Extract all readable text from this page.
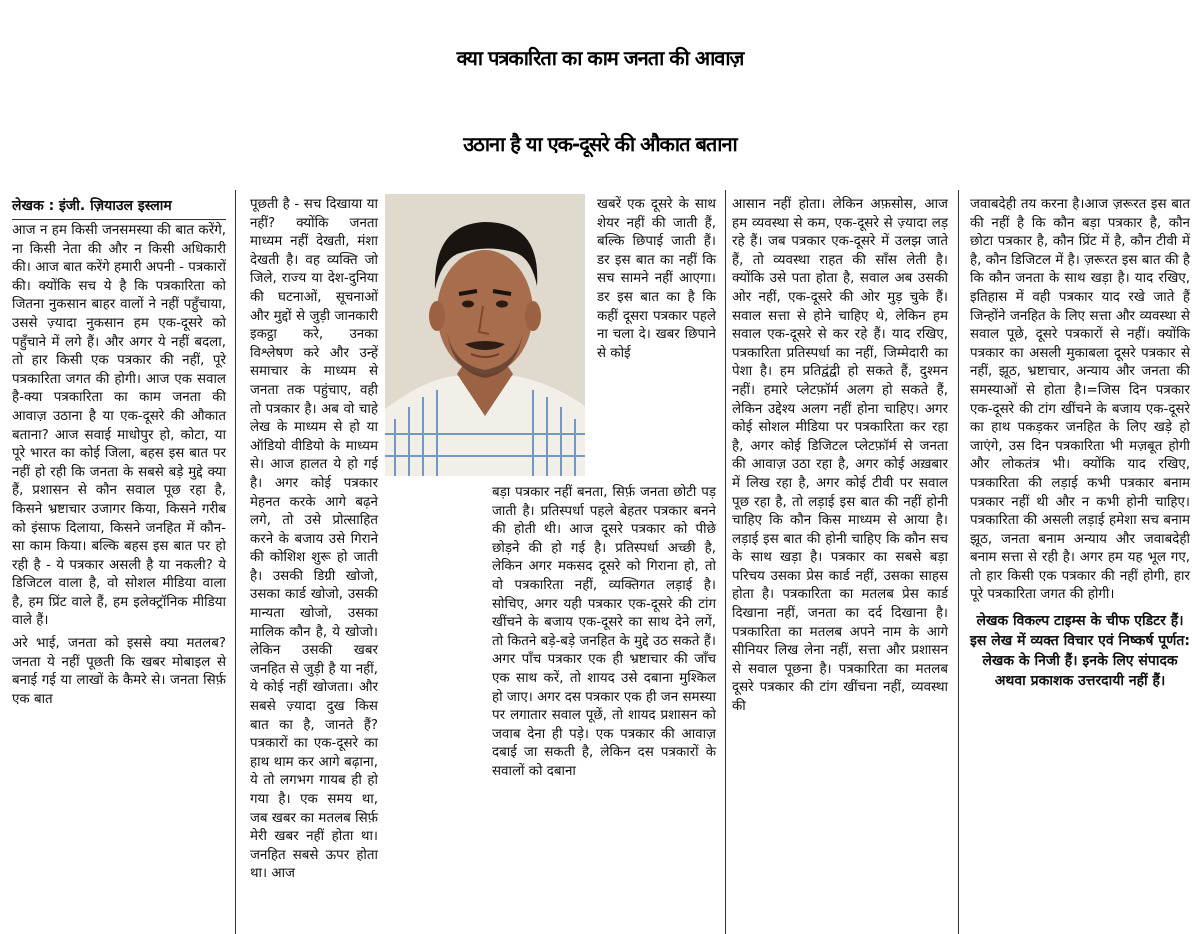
क्या पत्रकारिता का काम जनता की आवाज़
उठाना है या एक-दूसरे की औकात बताना
लेखक : इंजी. ज़ियाउल इस्लाम

आज न हम किसी जनसमस्या की बात करेंगे, ना किसी नेता की और न किसी अधिकारी की। आज बात करेंगे हमारी अपनी - पत्रकारों की। क्योंकि सच ये है कि पत्रकारिता को जितना नुकसान बाहर वालों ने नहीं पहुँचाया, उससे ज़्यादा नुकसान हम एक-दूसरे को पहुँचाने में लगे हैं। और अगर ये नहीं बदला, तो हार किसी एक पत्रकार की नहीं, पूरे पत्रकारिता जगत की होगी। आज एक सवाल है-क्या पत्रकारिता का काम जनता की आवाज़ उठाना है या एक-दूसरे की औकात बताना? आज सवाई माधोपुर हो, कोटा, या पूरे भारत का कोई जिला, बहस इस बात पर नहीं हो रही कि जनता के सबसे बड़े मुद्दे क्या हैं, प्रशासन से कौन सवाल पूछ रहा है, किसने भ्रष्टाचार उजागर किया, किसने गरीब को इंसाफ दिलाया, किसने जनहित में कौन-सा काम किया। बल्कि बहस इस बात पर हो रही है - ये पत्रकार असली है या नकली? ये डिजिटल वाला है, वो सोशल मीडिया वाला है, हम प्रिंट वाले हैं, हम इलेक्ट्रॉनिक मीडिया वाले हैं।

अरे भाई, जनता को इससे क्या मतलब? जनता ये नहीं पूछती कि खबर मोबाइल से बनाई गई या लाखों के कैमरे से। जनता सिर्फ़ एक बात

पूछती है - सच दिखाया या नहीं? क्योंकि जनता माध्यम नहीं देखती, मंशा देखती है। वह व्यक्ति जो जिले, राज्य या देश-दुनिया की घटनाओं, सूचनाओं और मुद्दों से जुड़ी जानकारी इकट्ठा करे, उनका विश्लेषण करे और उन्हें समाचार के माध्यम से जनता तक पहुंचाए, वही तो पत्रकार है। अब वो चाहे लेख के माध्यम से हो या ऑडियो वीडियो के माध्यम से। आज हालत ये हो गई है। अगर कोई पत्रकार मेहनत करके आगे बढ़ने लगे, तो उसे प्रोत्साहित करने के बजाय उसे गिराने की कोशिश शुरू हो जाती है। उसकी डिग्री खोजो, उसका कार्ड खोजो, उसकी मान्यता खोजो, उसका मालिक कौन है, ये खोजो। लेकिन उसकी खबर जनहित से जुड़ी है या नहीं, ये कोई नहीं खोजता। और सबसे ज़्यादा दुख किस बात का है, जानते हैं? पत्रकारों का एक-दूसरे का हाथ थाम कर आगे बढ़ाना, ये तो लगभग गायब ही हो गया है। एक समय था, जब खबर का मतलब सिर्फ़ मेरी खबर नहीं होता था। जनहित सबसे ऊपर होता था। आज

खबरें एक दूसरे के साथ शेयर नहीं की जाती हैं, बल्कि छिपाई जाती हैं। डर इस बात का नहीं कि सच सामने नहीं आएगा। डर इस बात का है कि कहीं दूसरा पत्रकार पहले ना चला दे। खबर छिपाने से कोई

बड़ा पत्रकार नहीं बनता, सिर्फ़ जनता छोटी पड़ जाती है। प्रतिस्पर्धा पहले बेहतर पत्रकार बनने की होती थी। आज दूसरे पत्रकार को पीछे छोड़ने की हो गई है। प्रतिस्पर्धा अच्छी है, लेकिन अगर मकसद दूसरे को गिराना हो, तो वो पत्रकारिता नहीं, व्यक्तिगत लड़ाई है। सोचिए, अगर यही पत्रकार एक-दूसरे की टांग खींचने के बजाय एक-दूसरे का साथ देने लगें, तो कितने बड़े-बड़े जनहित के मुद्दे उठ सकते हैं। अगर पाँच पत्रकार एक ही भ्रष्टाचार की जाँच एक साथ करें, तो शायद उसे दबाना मुश्किल हो जाए। अगर दस पत्रकार एक ही जन समस्या पर लगातार सवाल पूछें, तो शायद प्रशासन को जवाब देना ही पड़े। एक पत्रकार की आवाज़ दबाई जा सकती है, लेकिन दस पत्रकारों के सवालों को दबाना

आसान नहीं होता। लेकिन अफ़सोस, आज हम व्यवस्था से कम, एक-दूसरे से ज़्यादा लड़ रहे हैं। जब पत्रकार एक-दूसरे में उलझ जाते हैं, तो व्यवस्था राहत की साँस लेती है। क्योंकि उसे पता होता है, सवाल अब उसकी ओर नहीं, एक-दूसरे की ओर मुड़ चुके हैं। सवाल सत्ता से होने चाहिए थे, लेकिन हम सवाल एक-दूसरे से कर रहे हैं। याद रखिए, पत्रकारिता प्रतिस्पर्धा का नहीं, जिम्मेदारी का पेशा है। हम प्रतिद्वंद्वी हो सकते हैं, दुश्मन नहीं। हमारे प्लेटफ़ॉर्म अलग हो सकते हैं, लेकिन उद्देश्य अलग नहीं होना चाहिए। अगर कोई सोशल मीडिया पर पत्रकारिता कर रहा है, अगर कोई डिजिटल प्लेटफ़ॉर्म से जनता की आवाज़ उठा रहा है, अगर कोई अख़बार में लिख रहा है, अगर कोई टीवी पर सवाल पूछ रहा है, तो लड़ाई इस बात की नहीं होनी चाहिए कि कौन किस माध्यम से आया है। लड़ाई इस बात की होनी चाहिए कि कौन सच के साथ खड़ा है। पत्रकार का सबसे बड़ा परिचय उसका प्रेस कार्ड नहीं, उसका साहस होता है। पत्रकारिता का मतलब प्रेस कार्ड दिखाना नहीं, जनता का दर्द दिखाना है। पत्रकारिता का मतलब अपने नाम के आगे सीनियर लिख लेना नहीं, सत्ता और प्रशासन से सवाल पूछना है। पत्रकारिता का मतलब दूसरे पत्रकार की टांग खींचना नहीं, व्यवस्था की

जवाबदेही तय करना है।आज ज़रूरत इस बात की नहीं है कि कौन बड़ा पत्रकार है, कौन छोटा पत्रकार है, कौन प्रिंट में है, कौन टीवी में है, कौन डिजिटल में है। ज़रूरत इस बात की है कि कौन जनता के साथ खड़ा है। याद रखिए, इतिहास में वही पत्रकार याद रखे जाते हैं जिन्होंने जनहित के लिए सत्ता और व्यवस्था से सवाल पूछे, दूसरे पत्रकारों से नहीं। क्योंकि पत्रकार का असली मुकाबला दूसरे पत्रकार से नहीं, झूठ, भ्रष्टाचार, अन्याय और जनता की समस्याओं से होता है।=जिस दिन पत्रकार एक-दूसरे की टांग खींचने के बजाय एक-दूसरे का हाथ पकड़कर जनहित के लिए खड़े हो जाएंगे, उस दिन पत्रकारिता भी मज़बूत होगी और लोकतंत्र भी। क्योंकि याद रखिए, पत्रकारिता की लड़ाई कभी पत्रकार बनाम पत्रकार नहीं थी और न कभी होनी चाहिए। पत्रकारिता की असली लड़ाई हमेशा सच बनाम झूठ, जनता बनाम अन्याय और जवाबदेही बनाम सत्ता से रही है। अगर हम यह भूल गए, तो हार किसी एक पत्रकार की नहीं होगी, हार पूरे पत्रकारिता जगत की होगी।

लेखक विकल्प टाइम्स के चीफ एडिटर हैं। इस लेख में व्यक्त विचार एवं निष्कर्ष पूर्णत: लेखक के निजी हैं। इनके लिए संपादक अथवा प्रकाशक उत्तरदायी नहीं हैं।
